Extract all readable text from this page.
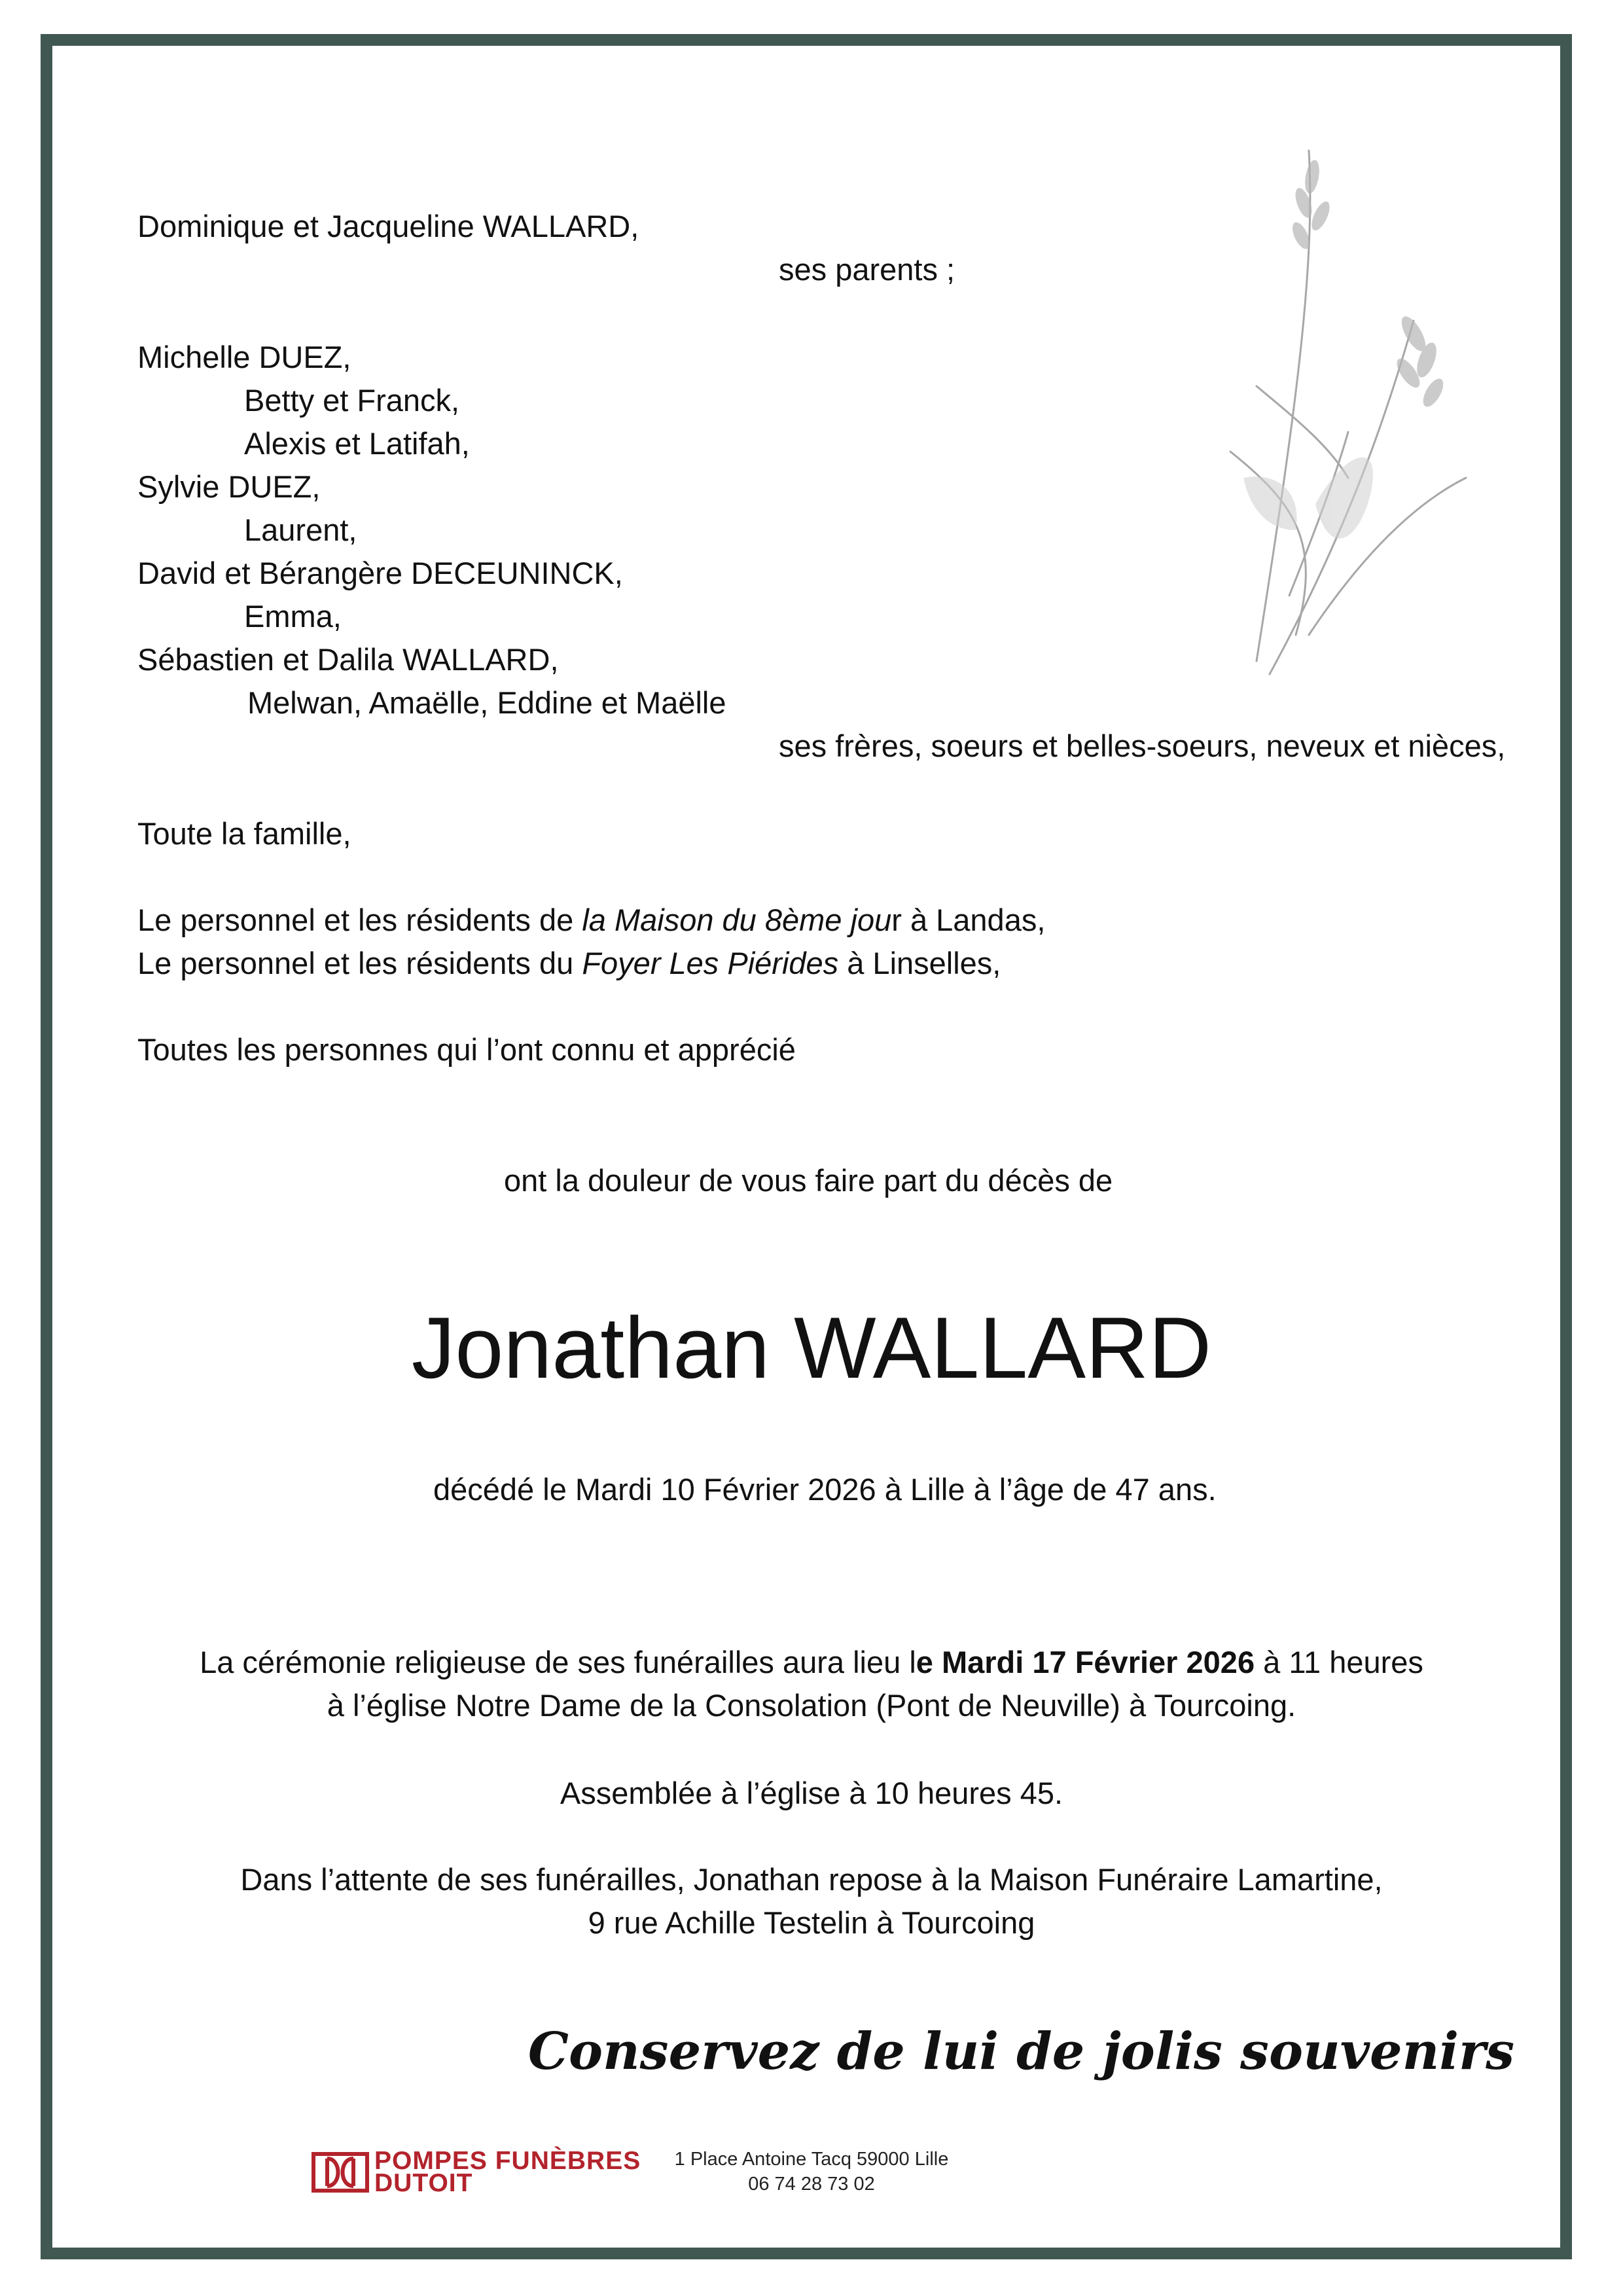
Dominique et Jacqueline WALLARD,
ses parents ;
Michelle DUEZ,
Betty et Franck,
Alexis et Latifah,
Sylvie DUEZ,
Laurent,
David et Bérangère DECEUNINCK,
Emma,
Sébastien et Dalila WALLARD,
Melwan, Amaëlle, Eddine et Maëlle
ses frères, soeurs et belles-soeurs, neveux et nièces,
Toute la famille,
Le personnel et les résidents de la Maison du 8ème jour à Landas,
Le personnel et les résidents du Foyer Les Piérides à Linselles,
Toutes les personnes qui l’ont connu et apprécié
ont la douleur de vous faire part du décès de
Jonathan WALLARD
décédé le Mardi 10 Février 2026 à Lille à l’âge de 47 ans.
La cérémonie religieuse de ses funérailles aura lieu le Mardi 17 Février 2026 à 11 heures
à l’église Notre Dame de la Consolation (Pont de Neuville) à Tourcoing.
Assemblée à l’église à 10 heures 45.
Dans l’attente de ses funérailles, Jonathan repose à la Maison Funéraire Lamartine,
9 rue Achille Testelin à Tourcoing
Conservez de lui de jolis souvenirs
POMPES FUNÈBRES
DUTOIT
1 Place Antoine Tacq 59000 Lille
06 74 28 73 02
